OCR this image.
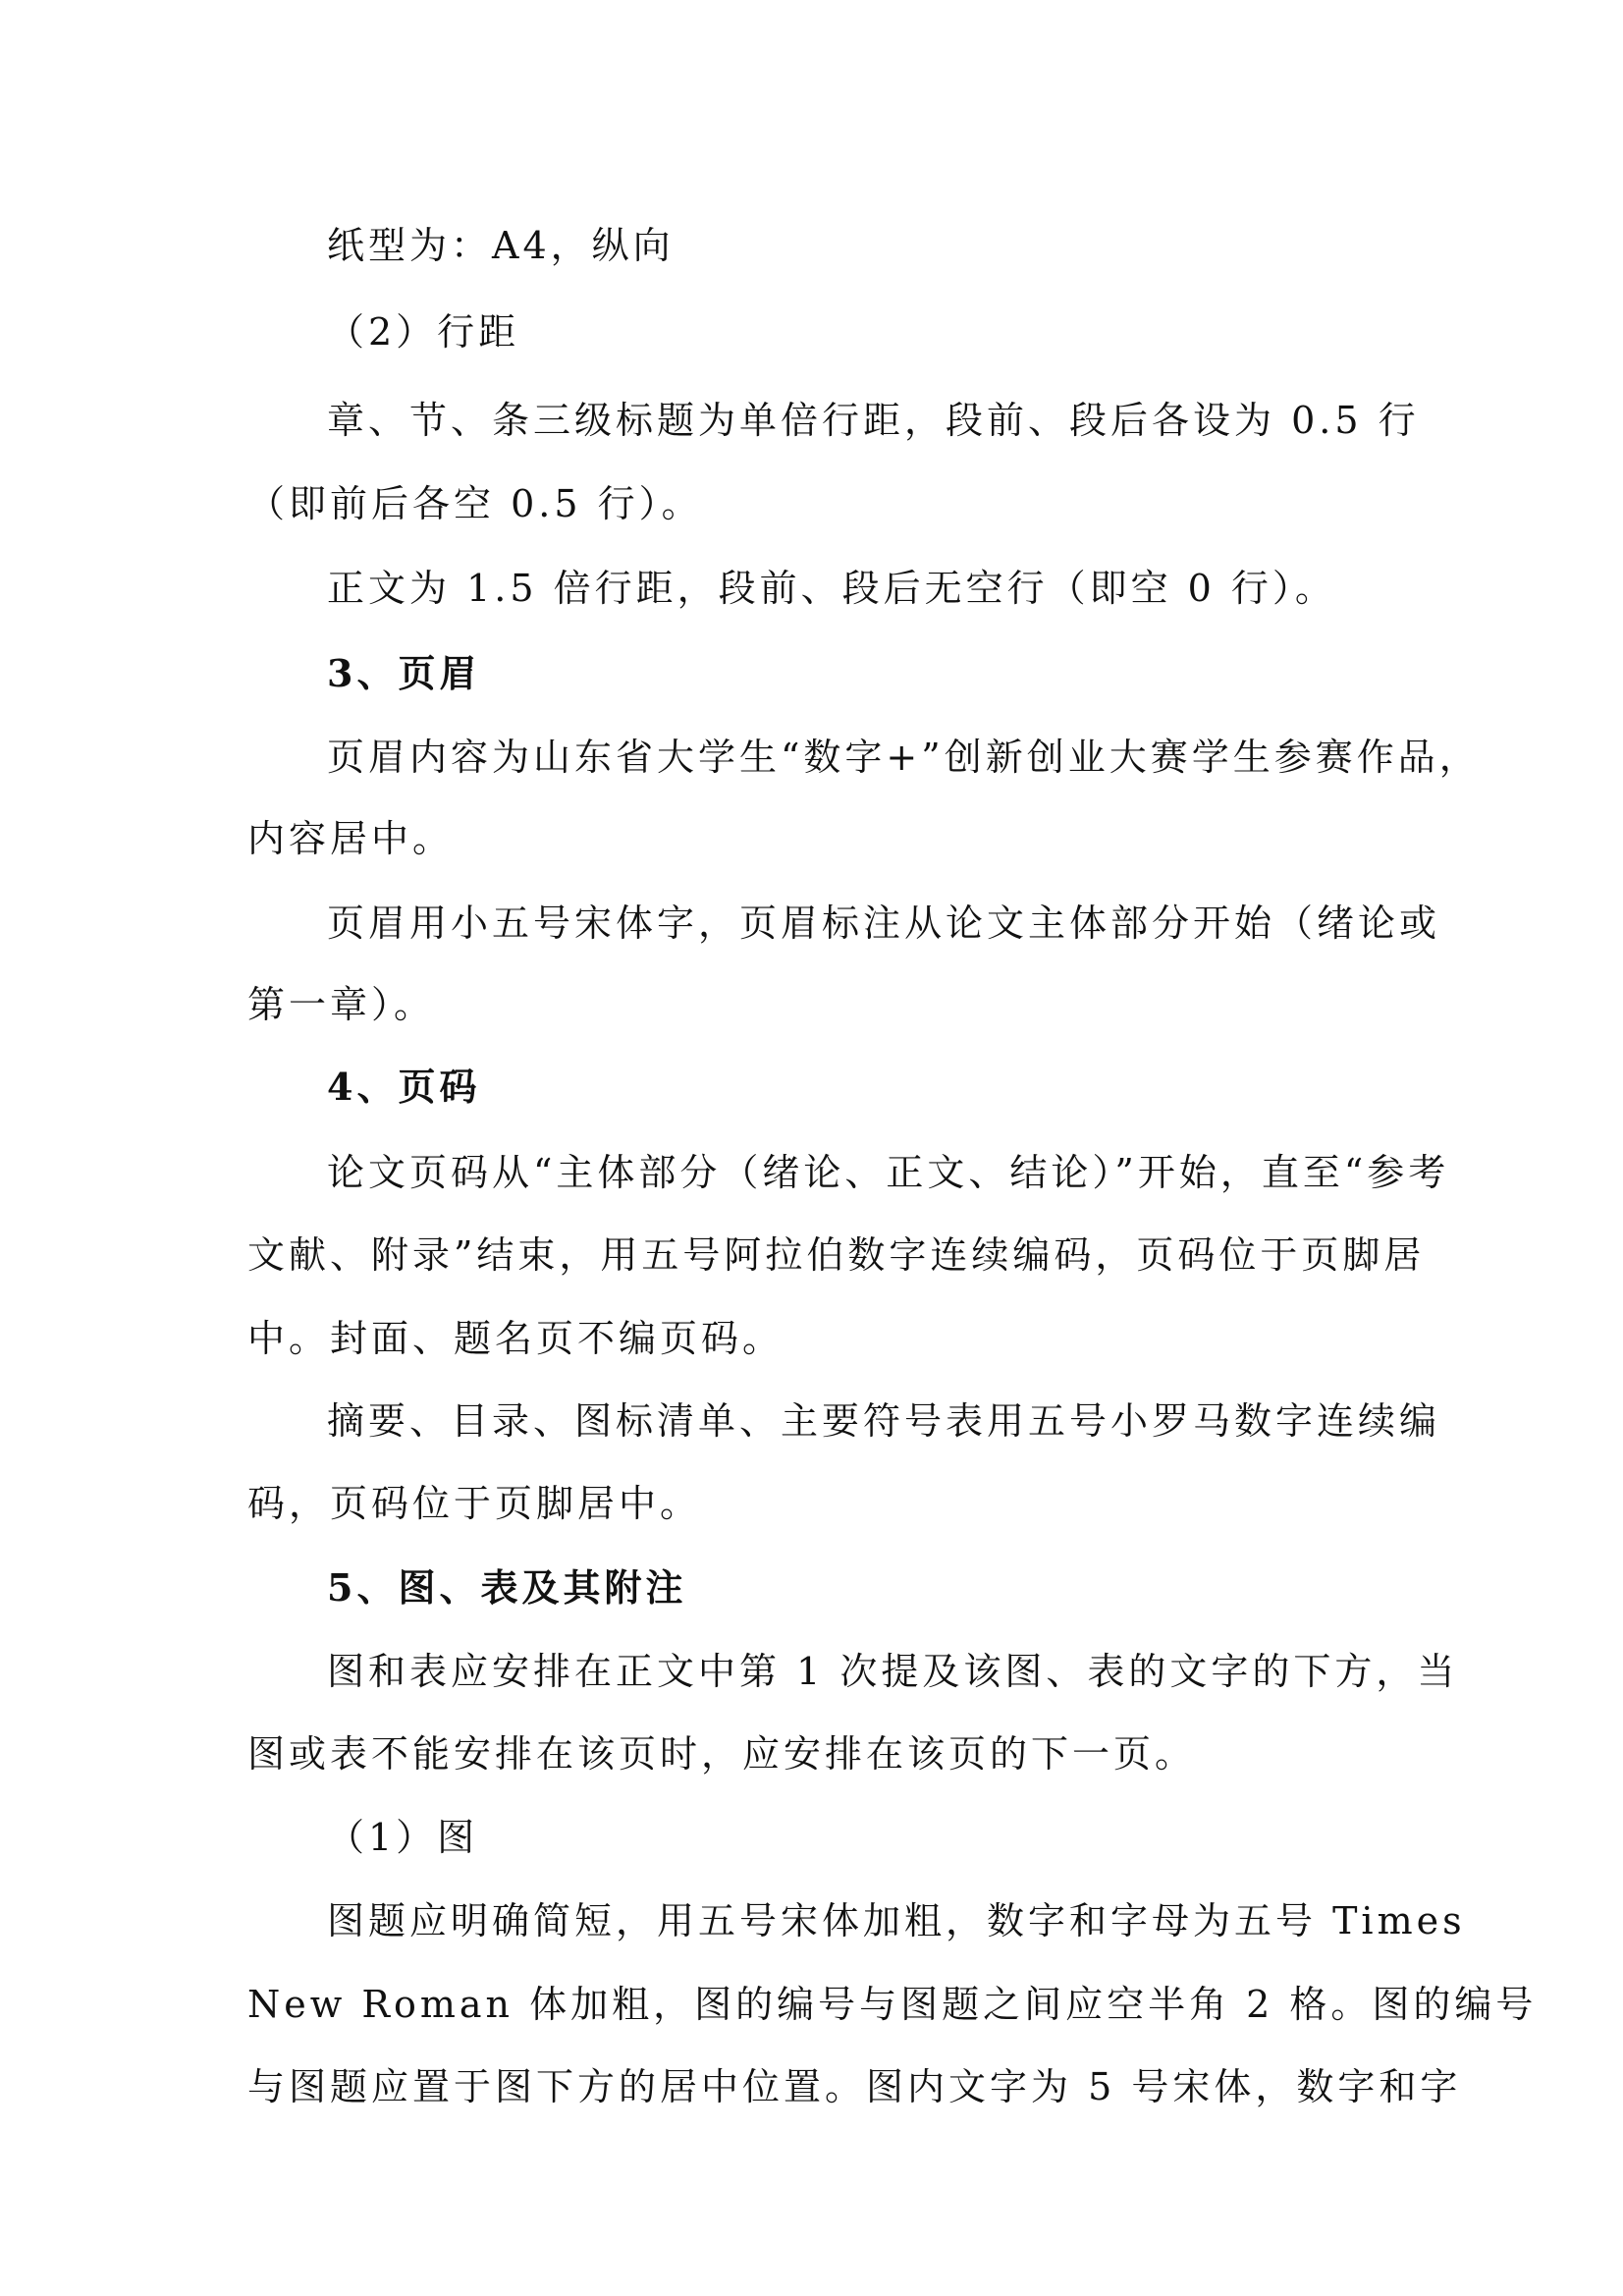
纸型为：A4，纵向
（2）行距
章、节、条三级标题为单倍行距，段前、段后各设为 0.5 行
（即前后各空 0.5 行）。
正文为 1.5 倍行距，段前、段后无空行（即空 0 行）。
3、页眉
页眉内容为山东省大学生“数字+”创新创业大赛学生参赛作品，
内容居中。
页眉用小五号宋体字，页眉标注从论文主体部分开始（绪论或
第一章）。
4、页码
论文页码从“主体部分（绪论、正文、结论）”开始，直至“参考
文献、附录”结束，用五号阿拉伯数字连续编码，页码位于页脚居
中。封面、题名页不编页码。
摘要、目录、图标清单、主要符号表用五号小罗马数字连续编
码，页码位于页脚居中。
5、图、表及其附注
图和表应安排在正文中第 1 次提及该图、表的文字的下方，当
图或表不能安排在该页时，应安排在该页的下一页。
（1）图
图题应明确简短，用五号宋体加粗，数字和字母为五号 Times
New Roman 体加粗，图的编号与图题之间应空半角 2 格。图的编号
与图题应置于图下方的居中位置。图内文字为 5 号宋体，数字和字
